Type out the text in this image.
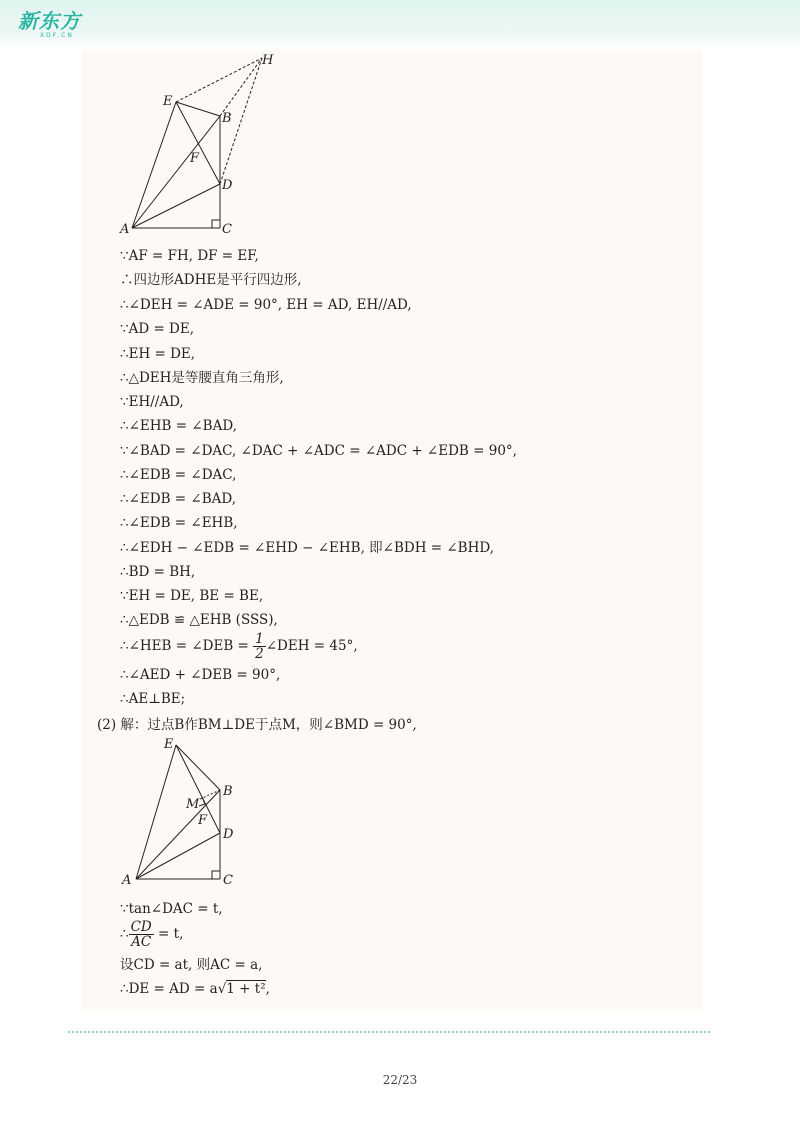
新东方
XDF.CN
H
E
B
F
D
A	C
∵AF = FH, DF = EF,
∴四边形ADHE是平行四边形,
∴∠DEH = ∠ADE = 90°, EH = AD, EH//AD,
∵AD = DE,
∴EH = DE,
∴△DEH是等腰直角三角形,
∵EH//AD,
∴∠EHB = ∠BAD,
∵∠BAD = ∠DAC, ∠DAC + ∠ADC = ∠ADC + ∠EDB = 90°,
∴∠EDB = ∠DAC,
∴∠EDB = ∠BAD,
∴∠EDB = ∠EHB,
∴∠EDH − ∠EDB = ∠EHD − ∠EHB, 即∠BDH = ∠BHD,
∴BD = BH,
∵EH = DE, BE = BE,
∴△EDB ≌ △EHB (SSS),
∴∠HEB = ∠DEB = $\frac{1}{2}$ ∠DEH = 45°,
∴∠AED + ∠DEB = 90°,
∴AE⊥BE;
(2) 解：过点B作BM⊥DE于点M，则∠BMD = 90°,
E
B
M
F
D
A	C
∵tan∠DAC = t,
∴ $\frac{CD}{AC} = t$,
设CD = at, 则AC = a,
∴DE = AD = a√1 + t²,
22/23
